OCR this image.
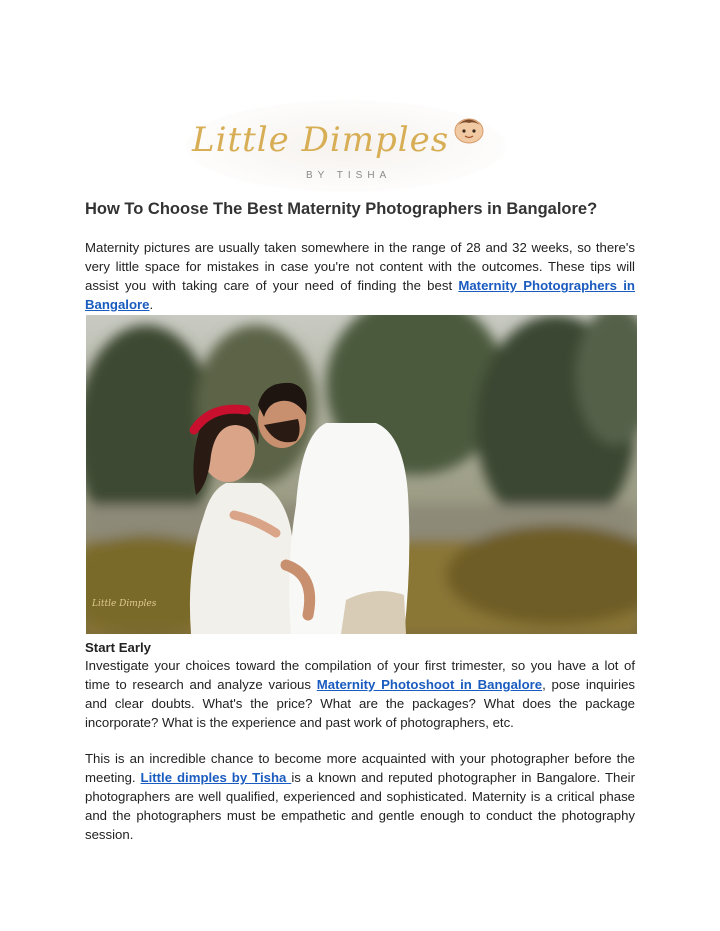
Little Dimples
BY TISHA
How To Choose The Best Maternity Photographers in Bangalore?

Maternity pictures are usually taken somewhere in the range of 28 and 32 weeks, so there's very little space for mistakes in case you're not content with the outcomes. These tips will assist you with taking care of your need of finding the best Maternity Photographers in Bangalore.

Little Dimples

Start Early

Investigate your choices toward the compilation of your first trimester, so you have a lot of time to research and analyze various Maternity Photoshoot in Bangalore, pose inquiries and clear doubts. What's the price? What are the packages? What does the package incorporate? What is the experience and past work of photographers, etc.

This is an incredible chance to become more acquainted with your photographer before the meeting. Little dimples by Tisha is a known and reputed photographer in Bangalore. Their photographers are well qualified, experienced and sophisticated. Maternity is a critical phase and the photographers must be empathetic and gentle enough to conduct the photography session.
